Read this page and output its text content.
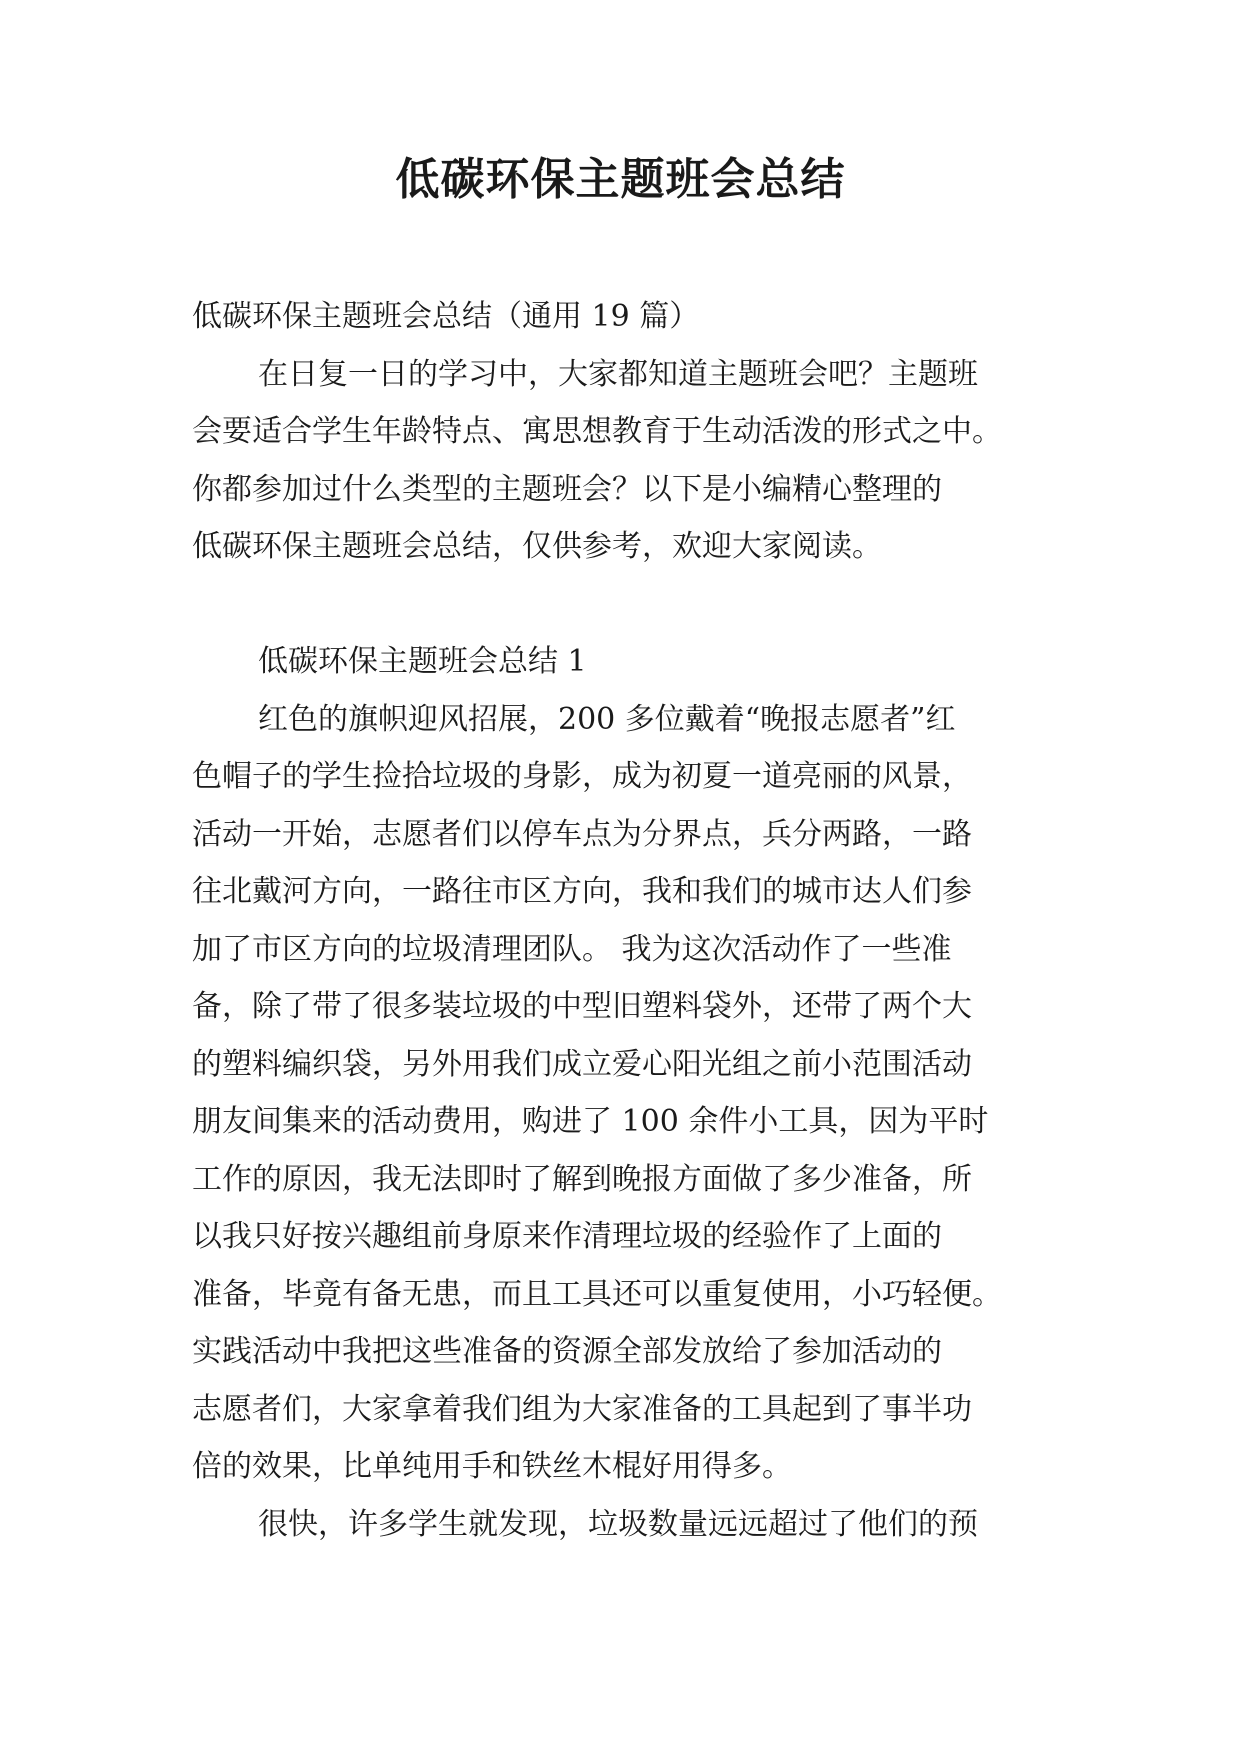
低碳环保主题班会总结
低碳环保主题班会总结（通用 19 篇）
在日复一日的学习中，大家都知道主题班会吧？主题班
会要适合学生年龄特点、寓思想教育于生动活泼的形式之中。
你都参加过什么类型的主题班会？以下是小编精心整理的
低碳环保主题班会总结，仅供参考，欢迎大家阅读。
低碳环保主题班会总结 1
红色的旗帜迎风招展，200 多位戴着“晚报志愿者”红
色帽子的学生捡拾垃圾的身影，成为初夏一道亮丽的风景，
活动一开始，志愿者们以停车点为分界点，兵分两路，一路
往北戴河方向，一路往市区方向，我和我们的城市达人们参
加了市区方向的垃圾清理团队。 我为这次活动作了一些准
备，除了带了很多装垃圾的中型旧塑料袋外，还带了两个大
的塑料编织袋，另外用我们成立爱心阳光组之前小范围活动
朋友间集来的活动费用，购进了 100 余件小工具，因为平时
工作的原因，我无法即时了解到晚报方面做了多少准备，所
以我只好按兴趣组前身原来作清理垃圾的经验作了上面的
准备，毕竟有备无患，而且工具还可以重复使用，小巧轻便。
实践活动中我把这些准备的资源全部发放给了参加活动的
志愿者们，大家拿着我们组为大家准备的工具起到了事半功
倍的效果，比单纯用手和铁丝木棍好用得多。
很快，许多学生就发现，垃圾数量远远超过了他们的预
